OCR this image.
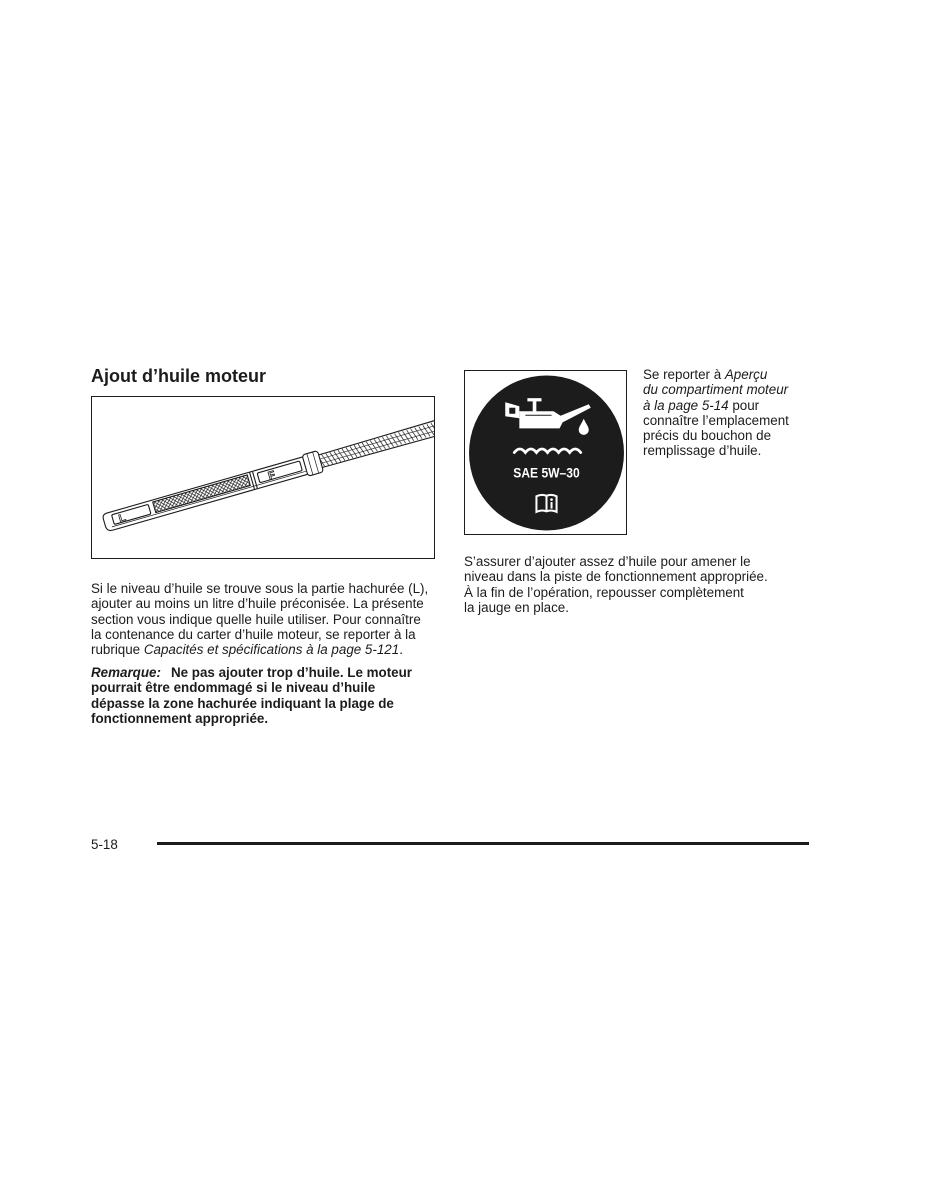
Ajout d’huile moteur
L
F

Si le niveau d’huile se trouve sous la partie hachurée (L),
ajouter au moins un litre d’huile préconisée. La présente
section vous indique quelle huile utiliser. Pour connaître
la contenance du carter d’huile moteur, se reporter à la
rubrique Capacités et spécifications à la page 5-121.

Remarque: Ne pas ajouter trop d’huile. Le moteur
pourrait être endommagé si le niveau d’huile
dépasse la zone hachurée indiquant la plage de
fonctionnement appropriée.

SAE 5W–30

Se reporter à Aperçu
du compartiment moteur
à la page 5-14 pour
connaître l’emplacement
précis du bouchon de
remplissage d’huile.

S’assurer d’ajouter assez d’huile pour amener le
niveau dans la piste de fonctionnement appropriée.
À la fin de l’opération, repousser complètement
la jauge en place.

5-18
